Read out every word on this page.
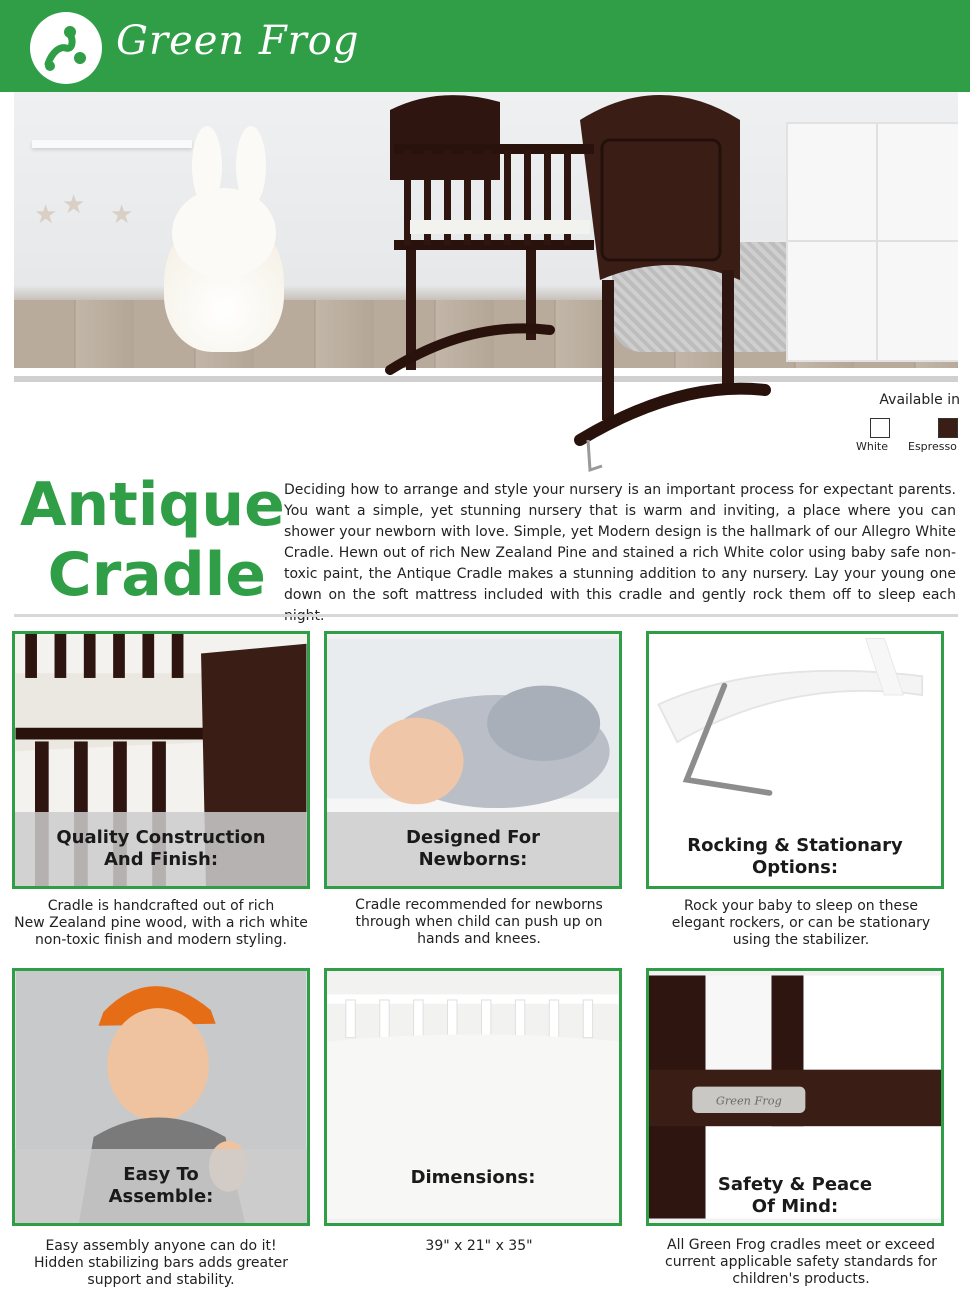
Green Frog
★ ★ ★
Available in
White Espresso
Antique
Cradle
Deciding how to arrange and style your nursery is an important process for expectant parents. You want a simple, yet stunning nursery that is warm and inviting, a place where you can shower your newborn with love. Simple, yet Modern design is the hallmark of our Allegro White Cradle. Hewn out of rich New Zealand Pine and stained a rich White color using baby safe non-toxic paint, the Antique Cradle makes a stunning addition to any nursery. Lay your young one down on the soft mattress included with this cradle and gently rock them off to sleep each
Quality Construction
And Finish:
Designed For
Newborns:
Rocking & Stationary
Options:
Easy To
Assemble:
Dimensions:
Green Frog
Safety & Peace
Of Mind:
Cradle is handcrafted out of rich
New Zealand pine wood, with a rich white
non-toxic finish and modern styling.
Cradle recommended for newborns
through when child can push up on
hands and knees.
Rock your baby to sleep on these
elegant rockers, or can be stationary
using the stabilizer.
Easy assembly anyone can do it!
Hidden stabilizing bars adds greater
support and stability.
39" x 21" x 35"	All Green Frog cradles meet or exceed
current applicable safety standards for
children's products.
